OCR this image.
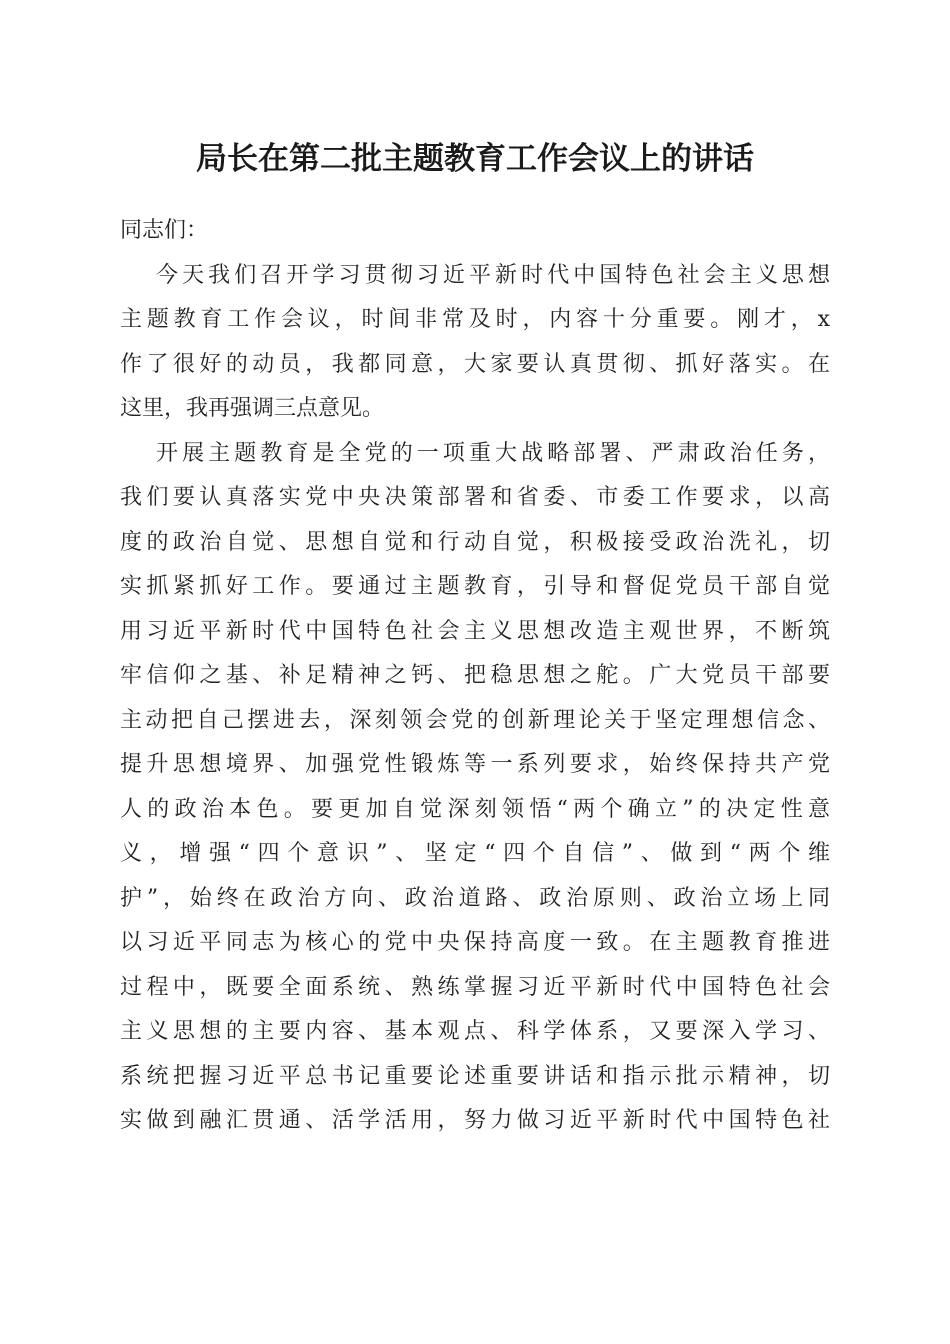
局长在第二批主题教育工作会议上的讲话
同志们：
今天我们召开学习贯彻习近平新时代中国特色社会主义思想
主题教育工作会议，时间非常及时，内容十分重要。刚才，x
作了很好的动员，我都同意，大家要认真贯彻、抓好落实。在
这里，我再强调三点意见。
开展主题教育是全党的一项重大战略部署、严肃政治任务，
我们要认真落实党中央决策部署和省委、市委工作要求，以高
度的政治自觉、思想自觉和行动自觉，积极接受政治洗礼，切
实抓紧抓好工作。要通过主题教育，引导和督促党员干部自觉
用习近平新时代中国特色社会主义思想改造主观世界，不断筑
牢信仰之基、补足精神之钙、把稳思想之舵。广大党员干部要
主动把自己摆进去，深刻领会党的创新理论关于坚定理想信念、
提升思想境界、加强党性锻炼等一系列要求，始终保持共产党
人的政治本色。要更加自觉深刻领悟“两个确立”的决定性意
义，增强“四个意识”、坚定“四个自信”、做到“两个维
护”，始终在政治方向、政治道路、政治原则、政治立场上同
以习近平同志为核心的党中央保持高度一致。在主题教育推进
过程中，既要全面系统、熟练掌握习近平新时代中国特色社会
主义思想的主要内容、基本观点、科学体系，又要深入学习、
系统把握习近平总书记重要论述重要讲话和指示批示精神，切
实做到融汇贯通、活学活用，努力做习近平新时代中国特色社
